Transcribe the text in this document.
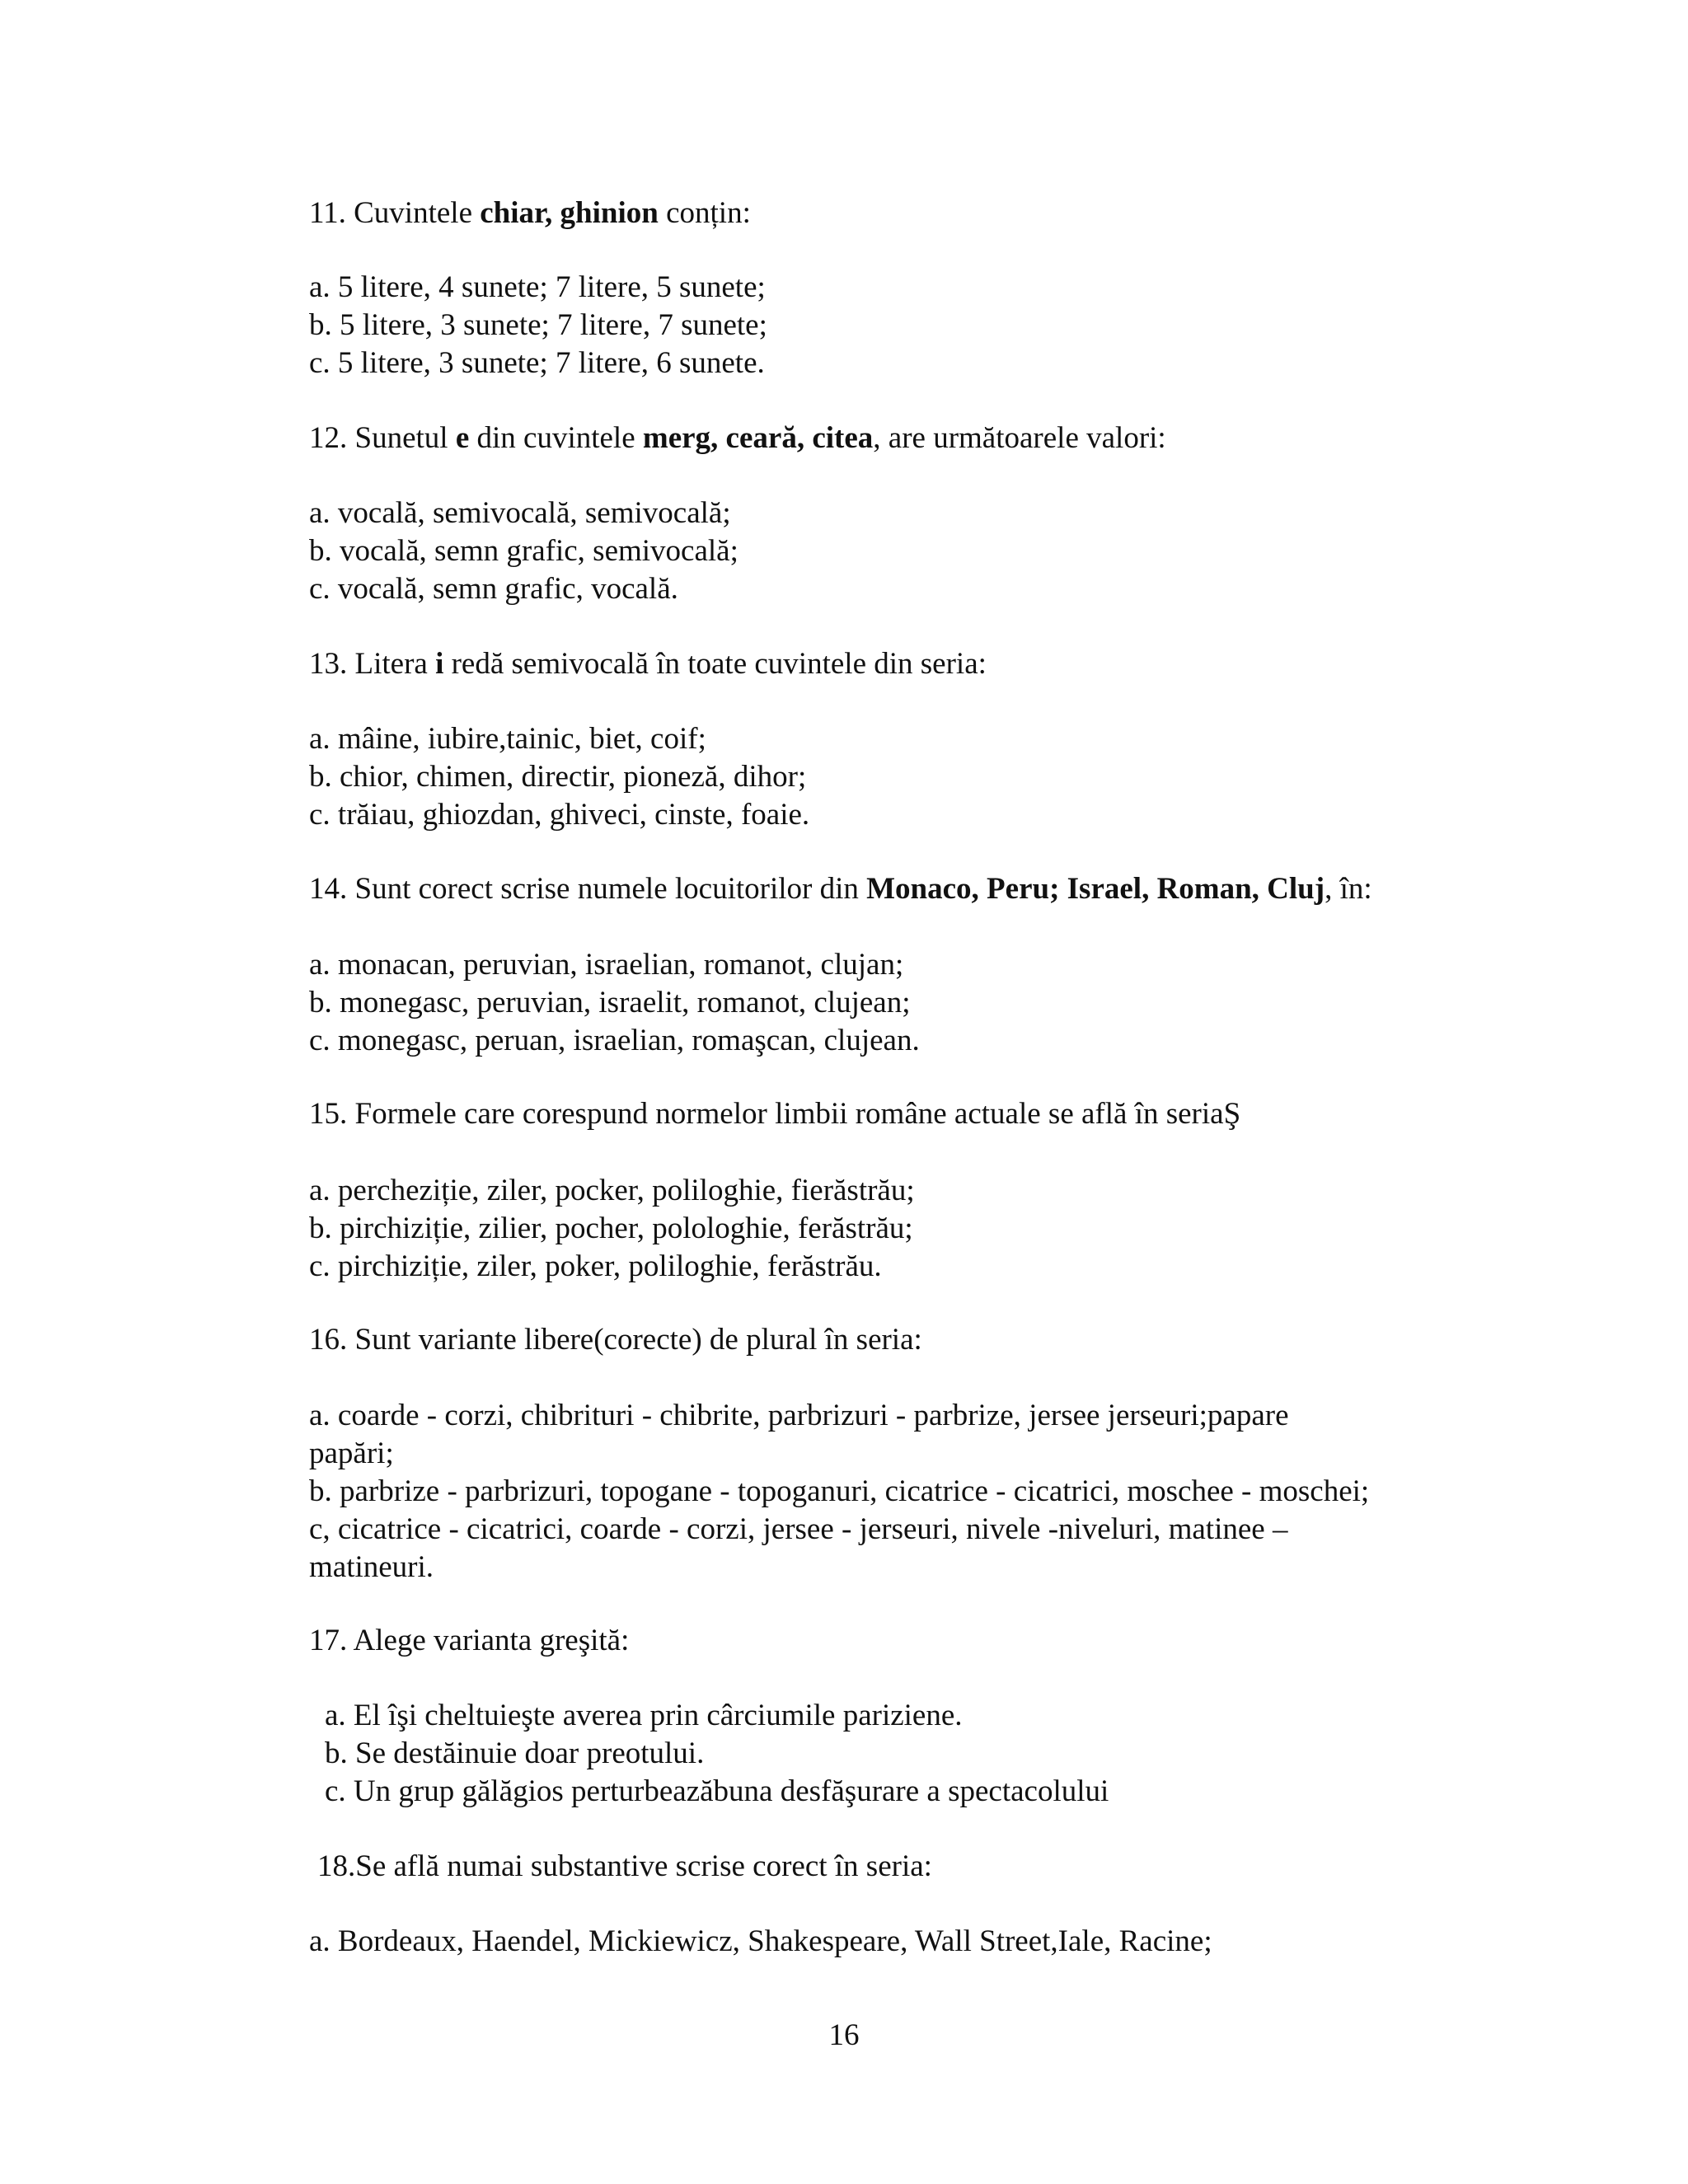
11. Cuvintele chiar, ghinion conțin:

a. 5 litere, 4 sunete; 7 litere, 5 sunete;

b. 5 litere, 3 sunete; 7 litere, 7 sunete;

c. 5 litere, 3 sunete; 7 litere, 6 sunete.

12. Sunetul e din cuvintele merg, ceară, citea, are următoarele valori:

a. vocală, semivocală, semivocală;

b. vocală, semn grafic, semivocală;

c. vocală, semn grafic, vocală.

13. Litera i redă semivocală în toate cuvintele din seria:

a. mâine, iubire,tainic, biet, coif;

b. chior, chimen, directir, pioneză, dihor;

c. trăiau, ghiozdan, ghiveci, cinste, foaie.

14. Sunt corect scrise numele locuitorilor din Monaco, Peru; Israel, Roman, Cluj, în:

a. monacan, peruvian, israelian, romanot, clujan;

b. monegasc, peruvian, israelit, romanot, clujean;

c. monegasc, peruan, israelian, romaşcan, clujean.

15. Formele care corespund normelor limbii române actuale se află în seriaŞ

a. percheziție, ziler, pocker, poliloghie, fierăstrău;

b. pirchiziție, zilier, pocher, polologhie, ferăstrău;

c. pirchiziție, ziler, poker, poliloghie, ferăstrău.

16. Sunt variante libere(corecte) de plural în seria:

a. coarde - corzi, chibrituri - chibrite, parbrizuri - parbrize, jersee jerseuri;papare

papări;

b. parbrize - parbrizuri, topogane - topoganuri, cicatrice - cicatrici, moschee - moschei;

c, cicatrice - cicatrici, coarde - corzi, jersee - jerseuri, nivele -niveluri, matinee –

matineuri.

17. Alege varianta greşită:

a. El îşi cheltuieşte averea prin cârciumile pariziene.

b. Se destăinuie doar preotului.

c. Un grup gălăgios perturbeazăbuna desfăşurare a spectacolului

18.Se află numai substantive scrise corect în seria:

a. Bordeaux, Haendel, Mickiewicz, Shakespeare, Wall Street,Iale, Racine;

16
